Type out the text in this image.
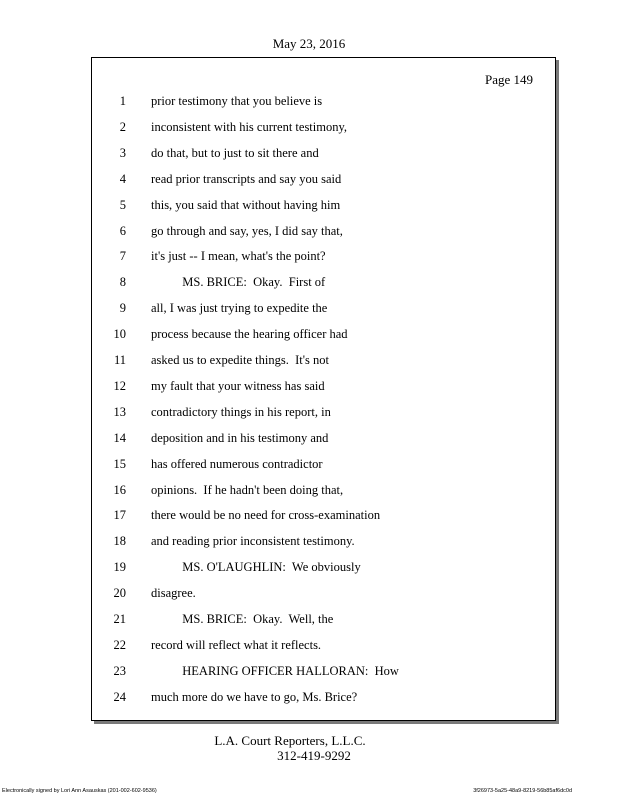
May 23, 2016
Page 149
1 prior testimony that you believe is
2 inconsistent with his current testimony,
3 do that, but to just to sit there and
4 read prior transcripts and say you said
5 this, you said that without having him
6 go through and say, yes, I did say that,
7 it's just -- I mean, what's the point?
8 MS. BRICE:  Okay.  First of
9 all, I was just trying to expedite the
10 process because the hearing officer had
11 asked us to expedite things.  It's not
12 my fault that your witness has said
13 contradictory things in his report, in
14 deposition and in his testimony and
15 has offered numerous contradictor
16 opinions.  If he hadn't been doing that,
17 there would be no need for cross-examination
18 and reading prior inconsistent testimony.
19 MS. O'LAUGHLIN:  We obviously
20 disagree.
21 MS. BRICE:  Okay.  Well, the
22 record will reflect what it reflects.
23 HEARING OFFICER HALLORAN:  How
24 much more do we have to go, Ms. Brice?
L.A. Court Reporters, L.L.C.
312-419-9292
Electronically signed by Lori Ann Asauskas (201-002-602-9536)	3f26973-5a25-48a9-8219-56b85af6dc0d
